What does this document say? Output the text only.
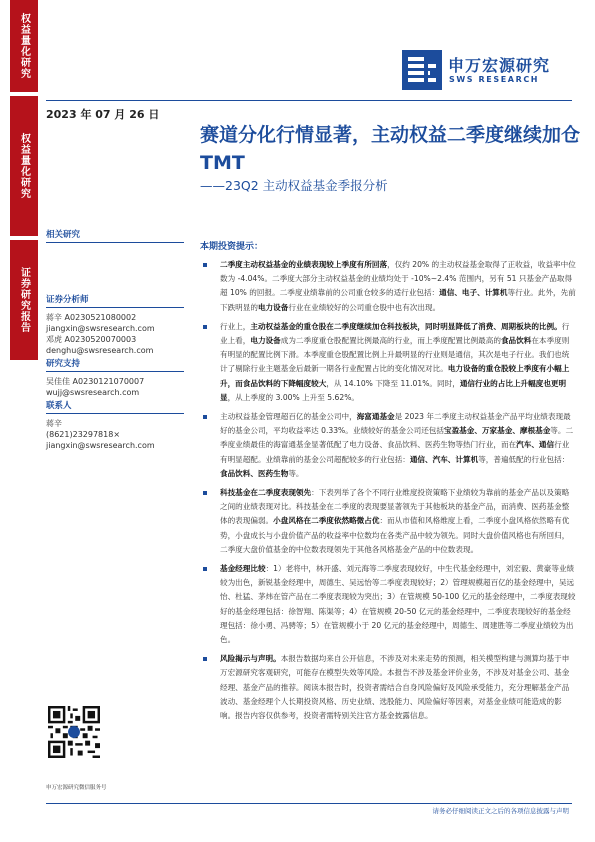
权益量化研究
权益量化研究
证券研究报告
申万宏源研究
SWS RESEARCH
2023 年 07 月 26 日
赛道分化行情显著，主动权益二季度继续加仓 TMT
——23Q2 主动权益基金季报分析
相关研究
证券分析师
蒋辛 A0230521080002
jiangxin@swsresearch.com
邓虎 A0230520070003
denghu@swsresearch.com
研究支持
吴佳佳 A0230121070007
wujj@swsresearch.com
联系人
蒋辛
(8621)23297818×
jiangxin@swsresearch.com
申万宏源研究微信服务号
本期投资提示：
二季度主动权益基金的业绩表现较上季度有所回落，仅约 20% 的主动权益基金取得了正收益，收益率中位数为 -4.04%。二季度大部分主动权益基金的业绩均处于 -10%~2.4% 范围内，另有 51 只基金产品取得超 10% 的回报。二季度业绩靠前的公司重仓较多的适行业包括：通信、电子、计算机等行业。此外，先前下跌明显的电力设备行业在业绩较好的公司重仓股中也有次出现。
行业上，主动权益基金的重仓股在二季度继续加仓科技板块，同时明显降低了消费、周期板块的比例。行业上看，电力设备成为二季度重仓股配置比例最高的行业，而上季度配置比例最高的食品饮料在本季度则有明显的配置比例下滑。本季度重仓股配置比例上升最明显的行业则是通信，其次是电子行业。我们也统计了剔除行业主题基金后最新一期各行业配置占比的变化情况对比。电力设备的重仓股较上季度有小幅上升，而食品饮料的下降幅度较大，从 14.10% 下降至 11.01%。同时，通信行业的占比上升幅度也更明显，从上季度的 3.00% 上升至 5.62%。
主动权益基金管理超百亿的基金公司中，海富通基金是 2023 年二季度主动权益基金产品平均业绩表现最好的基金公司，平均收益率达 0.33%。业绩较好的基金公司还包括宝盈基金、万家基金、摩根基金等。二季度业绩最佳的海富通基金显著低配了电力设备、食品饮料、医药生物等热门行业，而在汽车、通信行业有明显超配。业绩靠前的基金公司超配较多的行业包括：通信、汽车、计算机等，普遍低配的行业包括：食品饮料、医药生物等。
科技基金在二季度表现领先：下表列举了各个不同行业维度投资策略下业绩较为靠前的基金产品以及策略之间的业绩表现对比。科技基金在二季度的表现要显著领先于其他板块的基金产品，而消费、医药基金整体的表现偏弱。小盘风格在二季度依然略微占优：而从市值和风格维度上看，二季度小盘风格依然略有优势，小盘成长与小盘价值产品的收益率中位数均在各类产品中较为领先。同时大盘价值风格也有所回归，二季度大盘价值基金的中位数表现领先于其他各风格基金产品的中位数表现。
基金经理比较：1）老将中，林开盛、刘元海等二季度表现较好，中生代基金经理中，刘宏毅、黄豪等业绩较为出色，新锐基金经理中，周德生、吴远怡等二季度表现较好；2）管理规模超百亿的基金经理中，吴远怡、杜猛、茅炜在管产品在二季度表现较为突出；3）在管规模 50-100 亿元的基金经理中，二季度表现较好的基金经理包括：徐智翔、陈渠等；4）在管规模 20-50 亿元的基金经理中，二季度表现较好的基金经理包括：徐小勇、冯骋等；5）在管规模小于 20 亿元的基金经理中，周德生、周建胜等二季度业绩较为出色。
风险揭示与声明。本报告数据均来自公开信息，不涉及对未来走势的预测，相关模型构建与测算均基于申万宏源研究客观研究，可能存在模型失效等风险。本报告不涉及基金评价业务，不涉及对基金公司、基金经理、基金产品的推荐。阅读本报告时，投资者需结合自身风险偏好及风险承受能力，充分理解基金产品波动、基金经理个人长期投资风格、历史业绩、选股能力、风险偏好等因素，对基金业绩可能造成的影响。报告内容仅供参考，投资者需特别关注官方基金披露信息。
请务必仔细阅读正文之后的各项信息披露与声明
